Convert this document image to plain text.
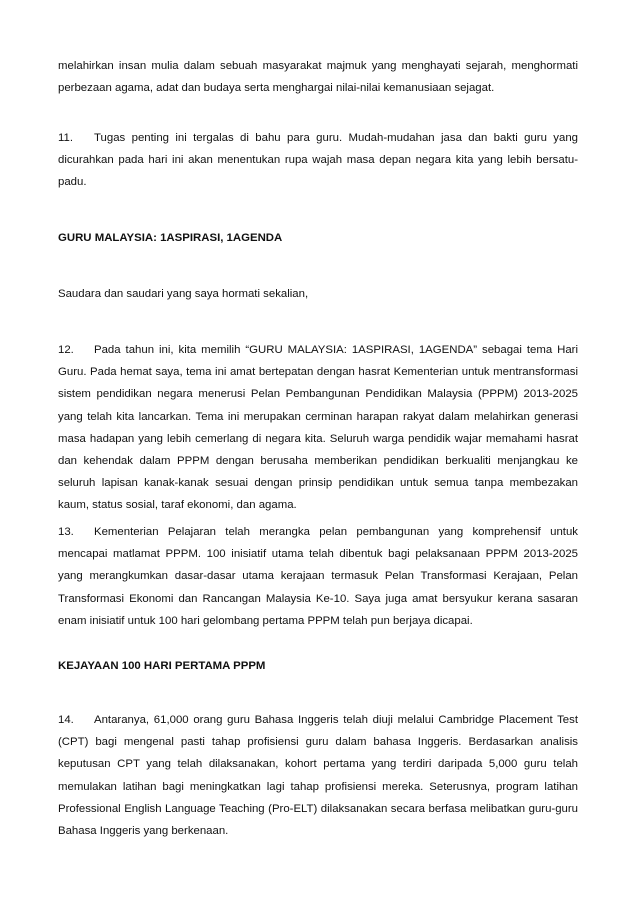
melahirkan insan mulia dalam sebuah masyarakat majmuk yang menghayati sejarah, menghormati perbezaan agama, adat dan budaya serta menghargai nilai-nilai kemanusiaan sejagat.

11. Tugas penting ini tergalas di bahu para guru. Mudah-mudahan jasa dan bakti guru yang dicurahkan pada hari ini akan menentukan rupa wajah masa depan negara kita yang lebih bersatu-padu.

GURU MALAYSIA: 1ASPIRASI, 1AGENDA

Saudara dan saudari yang saya hormati sekalian,

12. Pada tahun ini, kita memilih “GURU MALAYSIA: 1ASPIRASI, 1AGENDA” sebagai tema Hari Guru. Pada hemat saya, tema ini amat bertepatan dengan hasrat Kementerian untuk mentransformasi sistem pendidikan negara menerusi Pelan Pembangunan Pendidikan Malaysia (PPPM) 2013-2025 yang telah kita lancarkan. Tema ini merupakan cerminan harapan rakyat dalam melahirkan generasi masa hadapan yang lebih cemerlang di negara kita. Seluruh warga pendidik wajar memahami hasrat dan kehendak dalam PPPM dengan berusaha memberikan pendidikan berkualiti menjangkau ke seluruh lapisan kanak-kanak sesuai dengan prinsip pendidikan untuk semua tanpa membezakan kaum, status sosial, taraf ekonomi, dan agama.

13. Kementerian Pelajaran telah merangka pelan pembangunan yang komprehensif untuk mencapai matlamat PPPM. 100 inisiatif utama telah dibentuk bagi pelaksanaan PPPM 2013-2025 yang merangkumkan dasar-dasar utama kerajaan termasuk Pelan Transformasi Kerajaan, Pelan Transformasi Ekonomi dan Rancangan Malaysia Ke-10. Saya juga amat bersyukur kerana sasaran enam inisiatif untuk 100 hari gelombang pertama PPPM telah pun berjaya dicapai.

KEJAYAAN 100 HARI PERTAMA PPPM

14. Antaranya, 61,000 orang guru Bahasa Inggeris telah diuji melalui Cambridge Placement Test (CPT) bagi mengenal pasti tahap profisiensi guru dalam bahasa Inggeris. Berdasarkan analisis keputusan CPT yang telah dilaksanakan, kohort pertama yang terdiri daripada 5,000 guru telah memulakan latihan bagi meningkatkan lagi tahap profisiensi mereka. Seterusnya, program latihan Professional English Language Teaching (Pro-ELT) dilaksanakan secara berfasa melibatkan guru-guru Bahasa Inggeris yang berkenaan.
